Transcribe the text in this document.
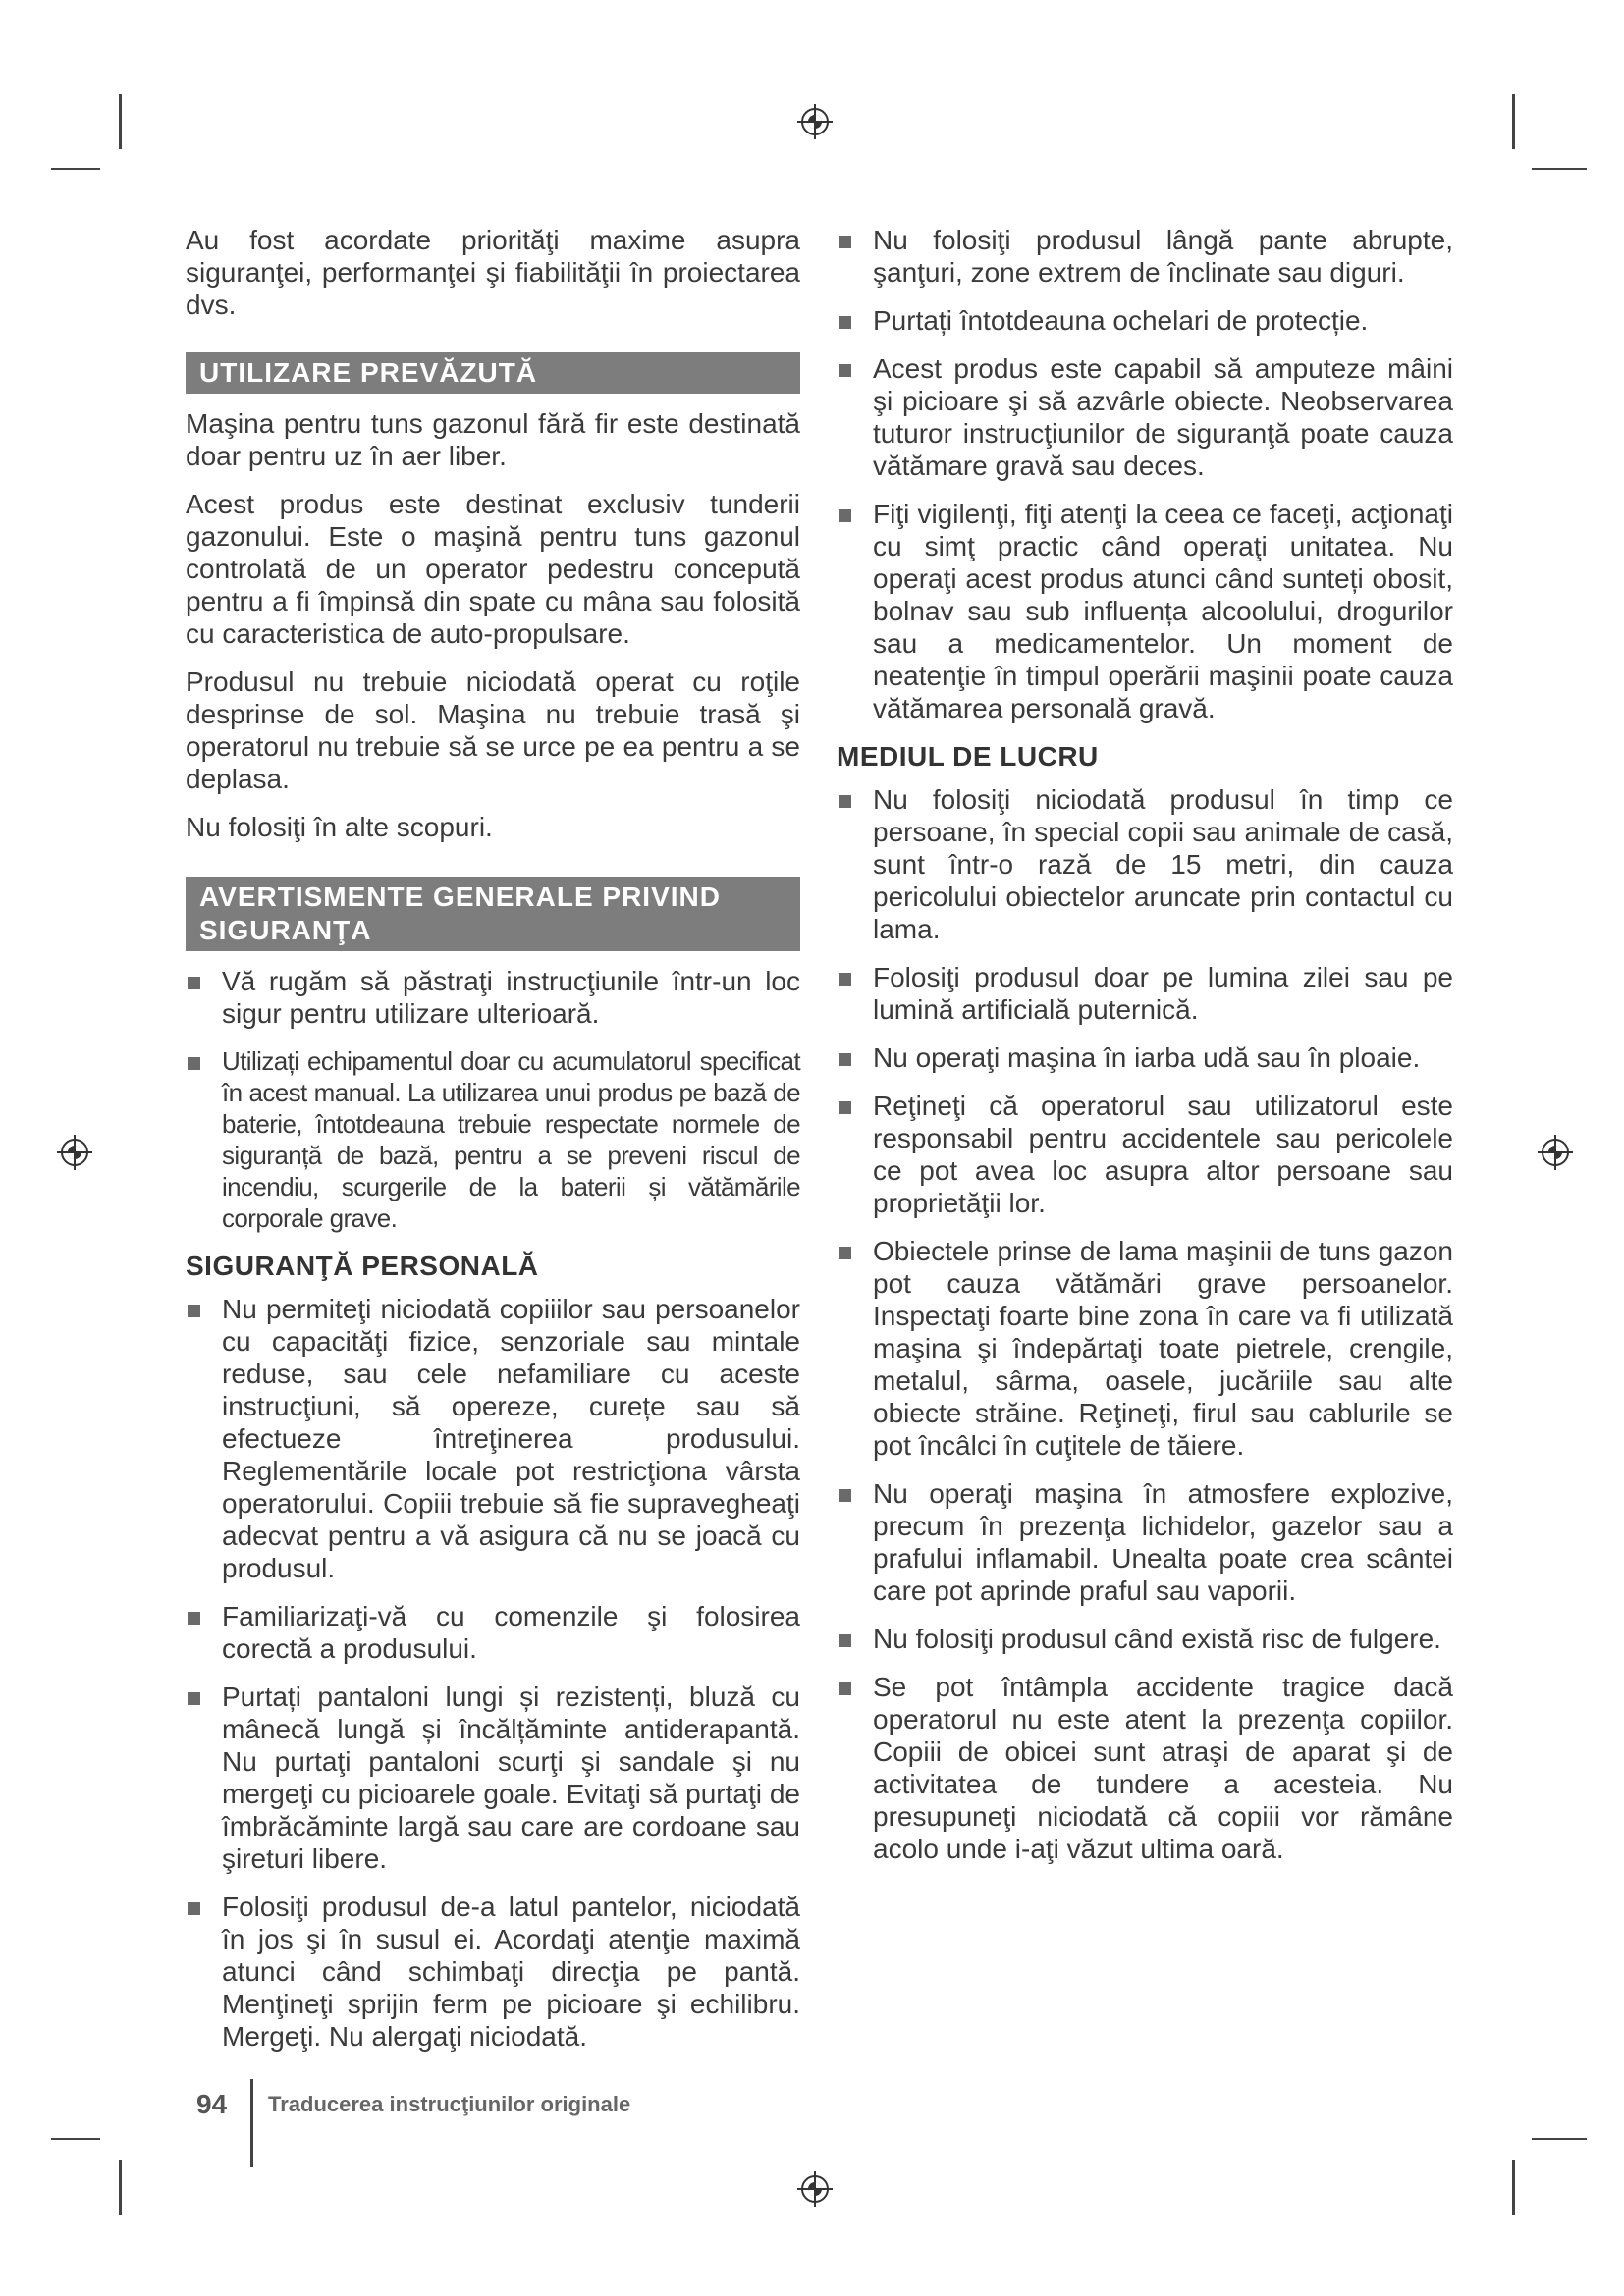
Au fost acordate priorităţi maxime asupra siguranţei, performanţei şi fiabilităţii în proiectarea dvs.

UTILIZARE PREVĂZUTĂ

Maşina pentru tuns gazonul fără fir este destinată doar pentru uz în aer liber.

Acest produs este destinat exclusiv tunderii gazonului. Este o maşină pentru tuns gazonul controlată de un operator pedestru concepută pentru a fi împinsă din spate cu mâna sau folosită cu caracteristica de auto-propulsare.

Produsul nu trebuie niciodată operat cu roţile desprinse de sol. Maşina nu trebuie trasă şi operatorul nu trebuie să se urce pe ea pentru a se deplasa.

Nu folosiţi în alte scopuri.

AVERTISMENTE GENERALE PRIVIND SIGURANŢA
Vă rugăm să păstraţi instrucţiunile într-un loc sigur pentru utilizare ulterioară.
Utilizați echipamentul doar cu acumulatorul specificat în acest manual. La utilizarea unui produs pe bază de baterie, întotdeauna trebuie respectate normele de siguranță de bază, pentru a se preveni riscul de incendiu, scurgerile de la baterii și vătămările corporale grave.
SIGURANŢĂ PERSONALĂ
Nu permiteţi niciodată copiiilor sau persoanelor cu capacităţi fizice, senzoriale sau mintale reduse, sau cele nefamiliare cu aceste instrucţiuni, să opereze, curețe sau să efectueze întreţinerea produsului. Reglementările locale pot restricţiona vârsta operatorului. Copiii trebuie să fie supravegheaţi adecvat pentru a vă asigura că nu se joacă cu produsul.
Familiarizaţi-vă cu comenzile şi folosirea corectă a produsului.
Purtați pantaloni lungi și rezistenți, bluză cu mânecă lungă și încălțăminte antiderapantă. Nu purtaţi pantaloni scurţi şi sandale şi nu mergeţi cu picioarele goale. Evitaţi să purtaţi de îmbrăcăminte largă sau care are cordoane sau şireturi libere.
Folosiţi produsul de-a latul pantelor, niciodată în jos şi în susul ei. Acordaţi atenţie maximă atunci când schimbaţi direcţia pe pantă. Menţineţi sprijin ferm pe picioare şi echilibru. Mergeţi. Nu alergaţi niciodată.
Nu folosiţi produsul lângă pante abrupte, şanţuri, zone extrem de înclinate sau diguri.
Purtați întotdeauna ochelari de protecție.
Acest produs este capabil să amputeze mâini şi picioare şi să azvârle obiecte. Neobservarea tuturor instrucţiunilor de siguranţă poate cauza vătămare gravă sau deces.
Fiţi vigilenţi, fiţi atenţi la ceea ce faceţi, acţionaţi cu simţ practic când operaţi unitatea. Nu operaţi acest produs atunci când sunteți obosit, bolnav sau sub influența alcoolului, drogurilor sau a medicamentelor. Un moment de neatenţie în timpul operării maşinii poate cauza vătămarea personală gravă.
MEDIUL DE LUCRU
Nu folosiţi niciodată produsul în timp ce persoane, în special copii sau animale de casă, sunt într-o rază de 15 metri, din cauza pericolului obiectelor aruncate prin contactul cu lama.
Folosiţi produsul doar pe lumina zilei sau pe lumină artificială puternică.
Nu operaţi maşina în iarba udă sau în ploaie.
Reţineţi că operatorul sau utilizatorul este responsabil pentru accidentele sau pericolele ce pot avea loc asupra altor persoane sau proprietăţii lor.
Obiectele prinse de lama maşinii de tuns gazon pot cauza vătămări grave persoanelor. Inspectaţi foarte bine zona în care va fi utilizată maşina şi îndepărtaţi toate pietrele, crengile, metalul, sârma, oasele, jucăriile sau alte obiecte străine. Reţineţi, firul sau cablurile se pot încâlci în cuţitele de tăiere.
Nu operaţi maşina în atmosfere explozive, precum în prezenţa lichidelor, gazelor sau a prafului inflamabil. Unealta poate crea scântei care pot aprinde praful sau vaporii.
Nu folosiţi produsul când există risc de fulgere.
Se pot întâmpla accidente tragice dacă operatorul nu este atent la prezenţa copiilor. Copiii de obicei sunt atraşi de aparat şi de activitatea de tundere a acesteia. Nu presupuneţi niciodată că copiii vor rămâne acolo unde i-aţi văzut ultima oară.
94 Traducerea instrucţiunilor originale
